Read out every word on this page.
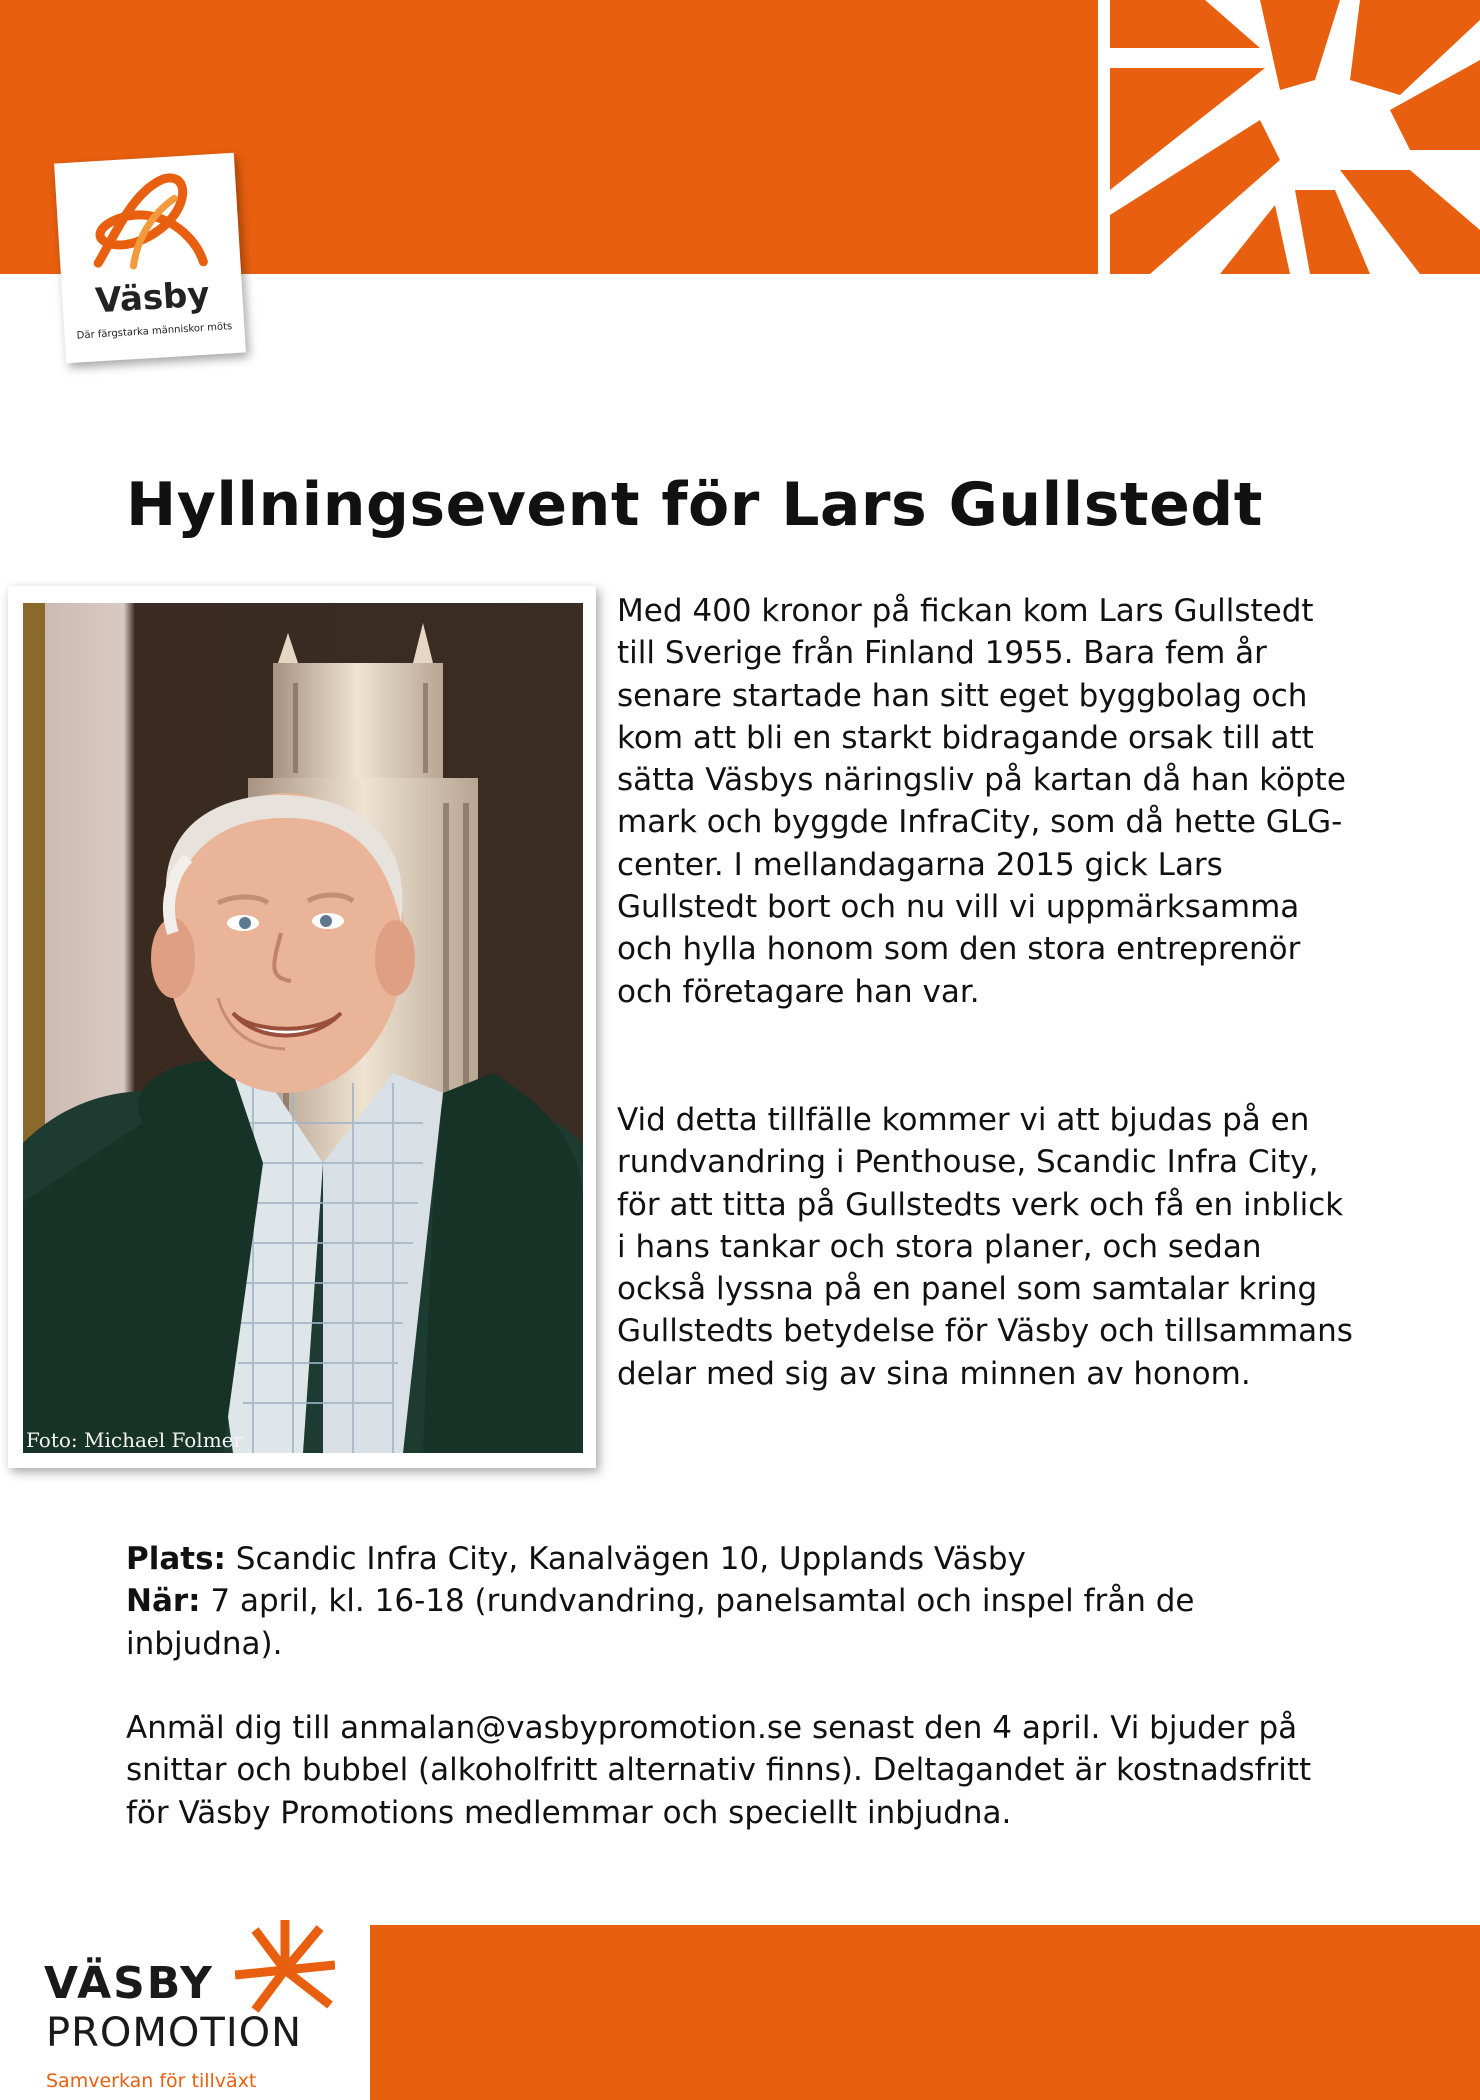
Väsby
Där färgstarka människor möts
Hyllningsevent för Lars Gullstedt
Foto: Michael Folmer

Med 400 kronor på fickan kom Lars Gullstedt till Sverige från Finland 1955. Bara fem år senare startade han sitt eget byggbolag och kom att bli en starkt bidragande orsak till att sätta Väsbys näringsliv på kartan då han köpte mark och byggde InfraCity, som då hette GLG-center. I mellandagarna 2015 gick Lars Gullstedt bort och nu vill vi uppmärksamma och hylla honom som den stora entreprenör och företagare han var.

Vid detta tillfälle kommer vi att bjudas på en rundvandring i Penthouse, Scandic Infra City, för att titta på Gullstedts verk och få en inblick i hans tankar och stora planer, och sedan också lyssna på en panel som samtalar kring Gullstedts betydelse för Väsby och tillsammans delar med sig av sina minnen av honom.

Plats: Scandic Infra City, Kanalvägen 10, Upplands Väsby
När: 7 april, kl. 16-18 (rundvandring, panelsamtal och inspel från de inbjudna).

Anmäl dig till anmalan@vasbypromotion.se senast den 4 april. Vi bjuder på snittar och bubbel (alkoholfritt alternativ finns). Deltagandet är kostnadsfritt för Väsby Promotions medlemmar och speciellt inbjudna.

VÄSBY
PROMOTION
Samverkan för tillväxt
